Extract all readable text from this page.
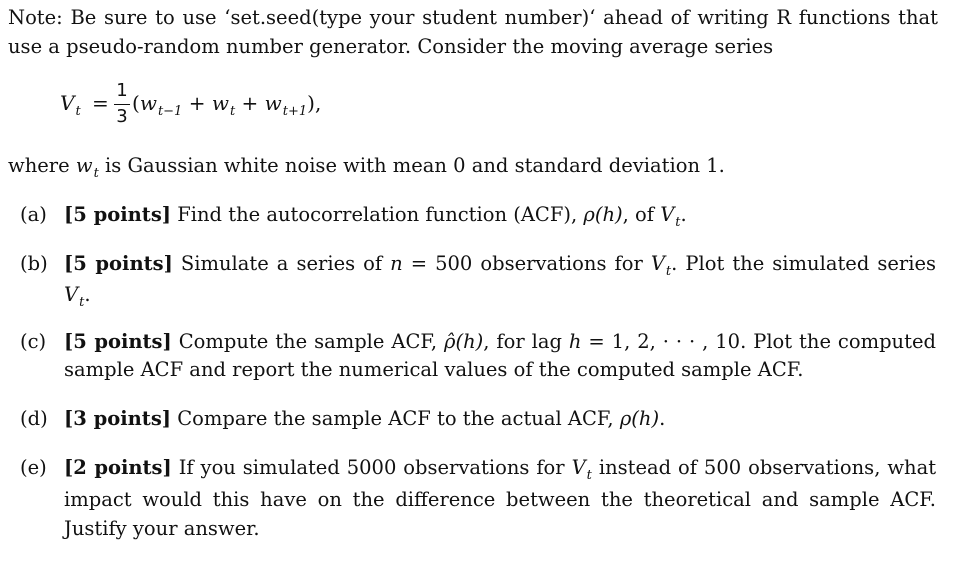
Note: Be sure to use ‘set.seed(type your student number)‘ ahead of writing R functions that
use a pseudo-random number generator. Consider the moving average series
$V_t$ =
1
3
$(w_{t-1} + w_t + w_{t+1})$,
where $w_t$ is Gaussian white noise with mean 0 and standard deviation 1.
(a) [5 points] Find the autocorrelation function (ACF), ρ(h), of $V_t$.
(b) [5 points] Simulate a series of n = 500 observations for $V_t$. Plot the simulated series
$V_t$.
(c) [5 points] Compute the sample ACF, ρ̂(h), for lag h = 1, 2, · · · , 10. Plot the computed
sample ACF and report the numerical values of the computed sample ACF.
(d) [3 points] Compare the sample ACF to the actual ACF, ρ(h).
(e) [2 points] If you simulated 5000 observations for $V_t$ instead of 500 observations, what
impact would this have on the difference between the theoretical and sample ACF.
Justify your answer.
